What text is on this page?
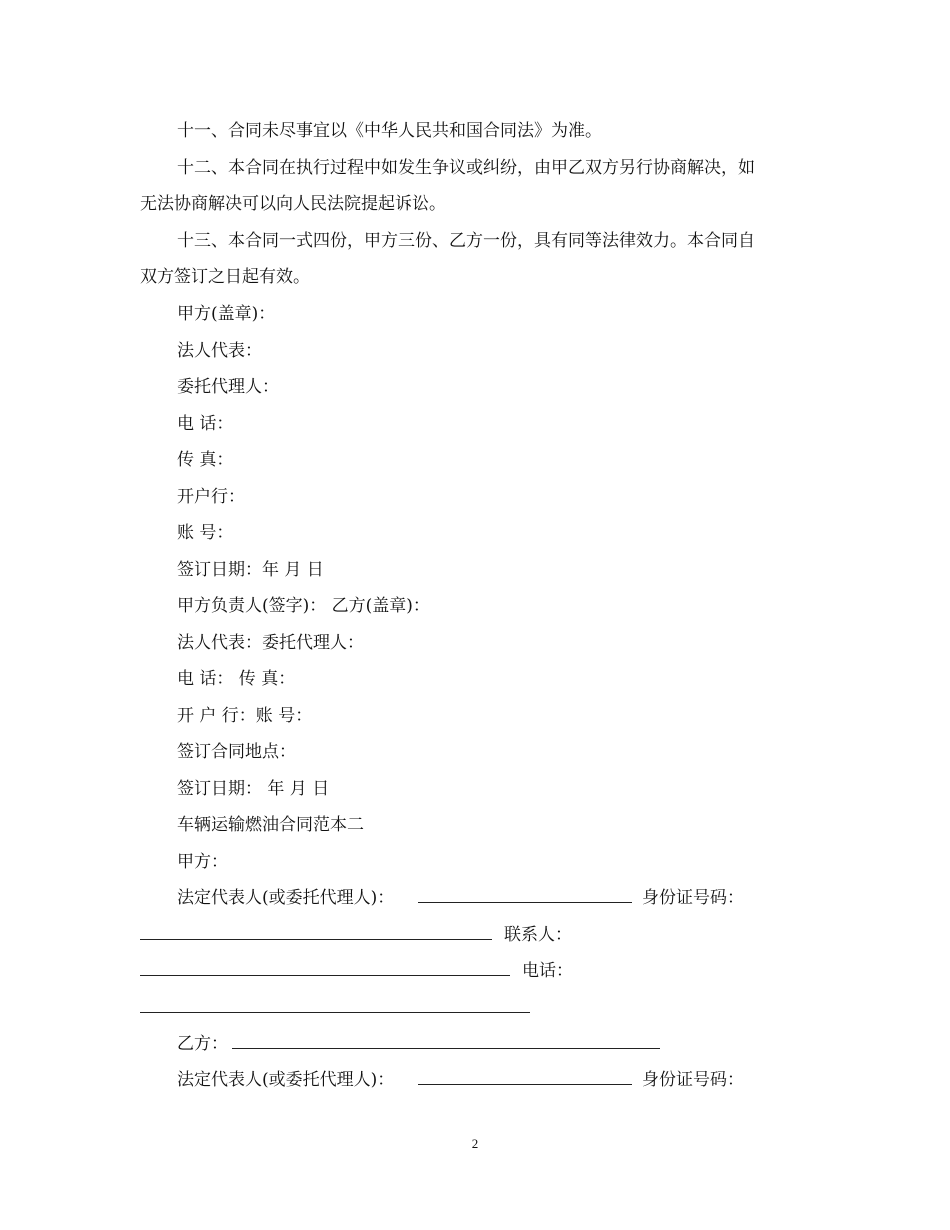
十一、合同未尽事宜以《中华人民共和国合同法》为准。
十二、本合同在执行过程中如发生争议或纠纷，由甲乙双方另行协商解决，如
无法协商解决可以向人民法院提起诉讼。
十三、本合同一式四份，甲方三份、乙方一份，具有同等法律效力。本合同自
双方签订之日起有效。
甲方(盖章)：
法人代表：
委托代理人：
电 话：
传 真：
开户行：
账 号：
签订日期：年 月 日
甲方负责人(签字)： 乙方(盖章)：
法人代表：委托代理人：
电 话： 传 真：
开 户 行：账 号：
签订合同地点：
签订日期： 年 月 日
车辆运输燃油合同范本二
甲方：
法定代表人(或委托代理人)：	身份证号码：
联系人：
电话：
乙方：
法定代表人(或委托代理人)：	身份证号码：
2
